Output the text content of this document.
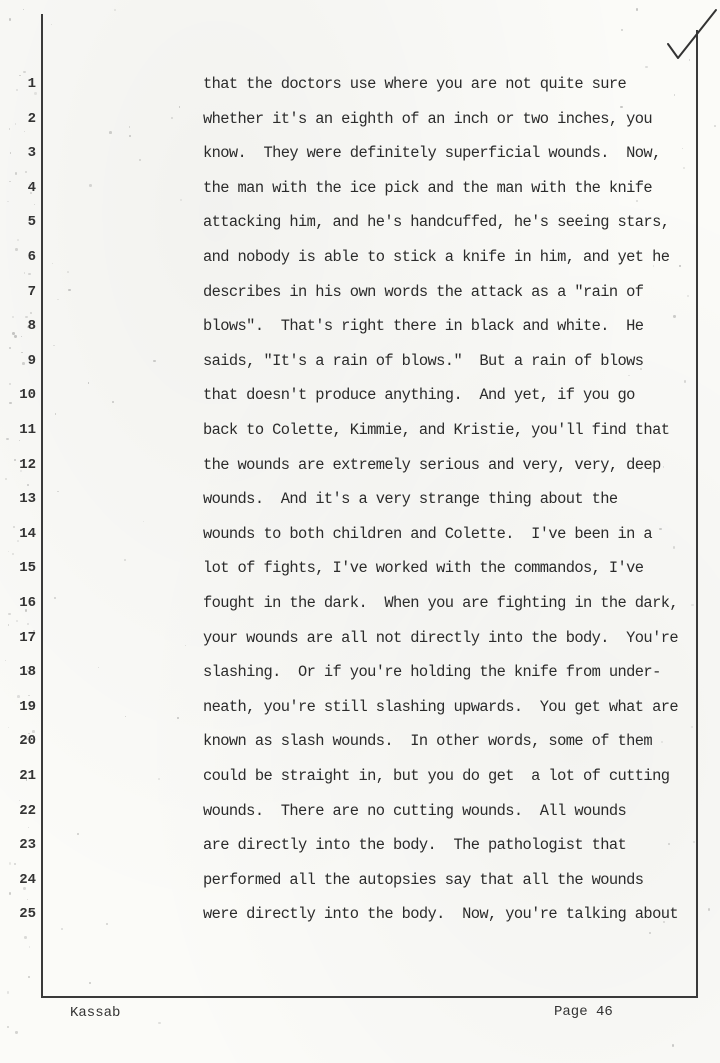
1
2
3
4
5
6
7
8
9
10
11
12
13
14
15
16
17
18
19
20
21
22
23
24
25
that the doctors use where you are not quite sure
whether it's an eighth of an inch or two inches, you
know.  They were definitely superficial wounds.  Now,
the man with the ice pick and the man with the knife
attacking him, and he's handcuffed, he's seeing stars,
and nobody is able to stick a knife in him, and yet he
describes in his own words the attack as a "rain of
blows".  That's right there in black and white.  He
saids, "It's a rain of blows."  But a rain of blows
that doesn't produce anything.  And yet, if you go
back to Colette, Kimmie, and Kristie, you'll find that
the wounds are extremely serious and very, very, deep
wounds.  And it's a very strange thing about the
wounds to both children and Colette.  I've been in a
lot of fights, I've worked with the commandos, I've
fought in the dark.  When you are fighting in the dark,
your wounds are all not directly into the body.  You're
slashing.  Or if you're holding the knife from under-
neath, you're still slashing upwards.  You get what are
known as slash wounds.  In other words, some of them
could be straight in, but you do get  a lot of cutting
wounds.  There are no cutting wounds.  All wounds
are directly into the body.  The pathologist that
performed all the autopsies say that all the wounds
were directly into the body.  Now, you're talking about
Kassab	Page 46
